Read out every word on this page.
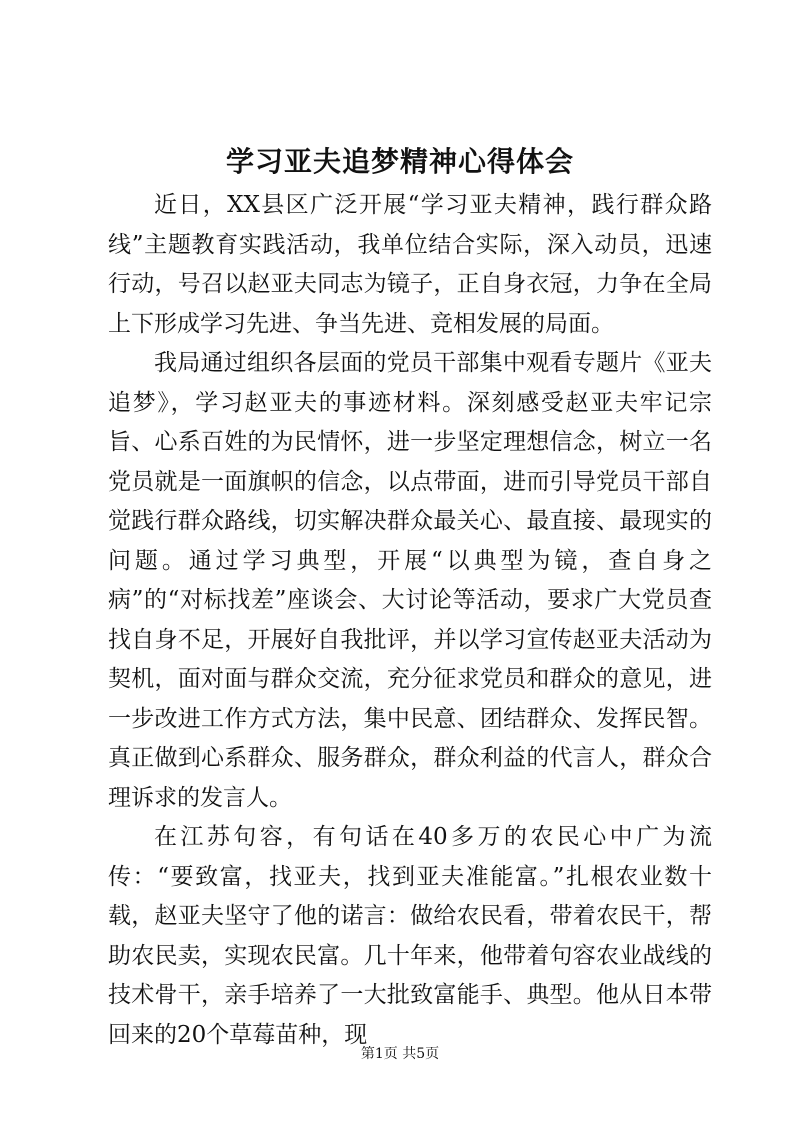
学习亚夫追梦精神心得体会

近日，XX县区广泛开展“学习亚夫精神，践行群众路线”主题教育实践活动，我单位结合实际，深入动员，迅速行动，号召以赵亚夫同志为镜子，正自身衣冠，力争在全局上下形成学习先进、争当先进、竞相发展的局面。

我局通过组织各层面的党员干部集中观看专题片《亚夫追梦》，学习赵亚夫的事迹材料。深刻感受赵亚夫牢记宗旨、心系百姓的为民情怀，进一步坚定理想信念，树立一名党员就是一面旗帜的信念，以点带面，进而引导党员干部自觉践行群众路线，切实解决群众最关心、最直接、最现实的问题。通过学习典型，开展“以典型为镜，查自身之病”的“对标找差”座谈会、大讨论等活动，要求广大党员查找自身不足，开展好自我批评，并以学习宣传赵亚夫活动为契机，面对面与群众交流，充分征求党员和群众的意见，进一步改进工作方式方法，集中民意、团结群众、发挥民智。真正做到心系群众、服务群众，群众利益的代言人，群众合理诉求的发言人。

在江苏句容，有句话在40多万的农民心中广为流传：“要致富，找亚夫，找到亚夫准能富。”扎根农业数十载，赵亚夫坚守了他的诺言：做给农民看，带着农民干，帮助农民卖，实现农民富。几十年来，他带着句容农业战线的技术骨干，亲手培养了一大批致富能手、典型。他从日本带回来的20个草莓苗种，现

第1页 共5页
